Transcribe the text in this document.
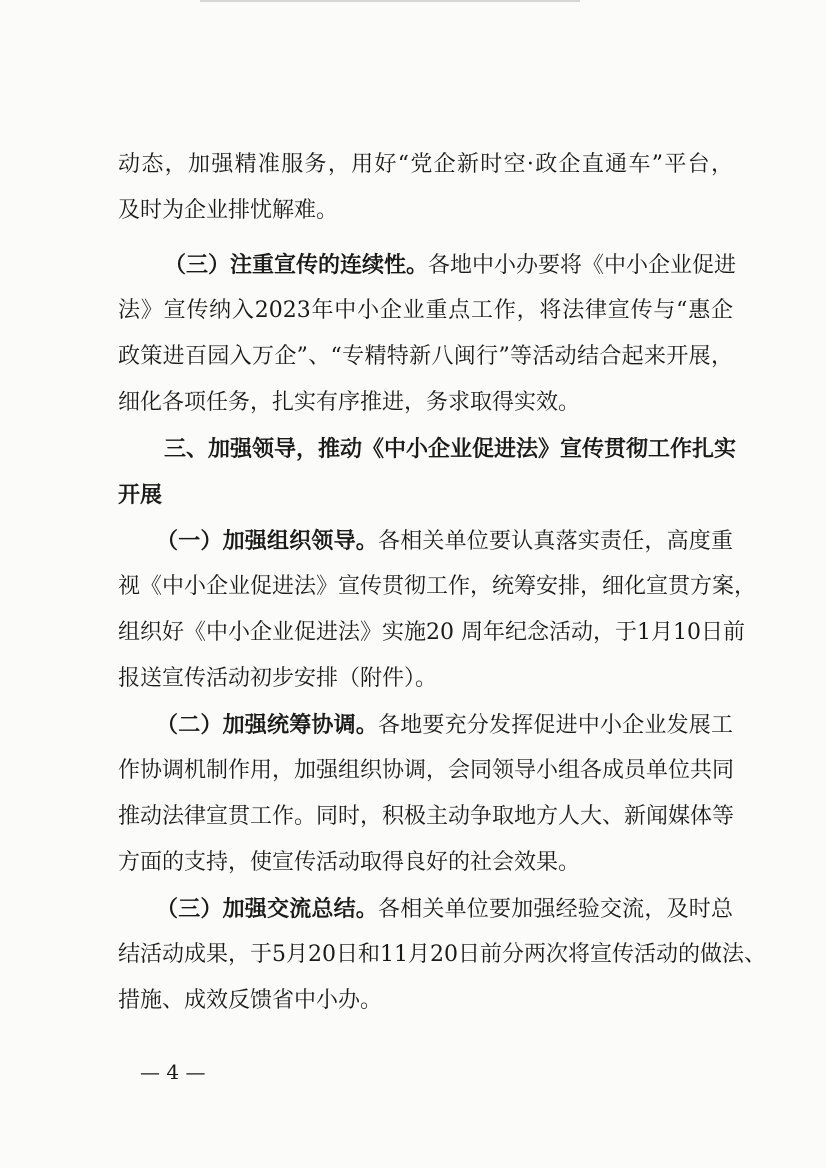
动态，加强精准服务，用好“党企新时空·政企直通车”平台，
及时为企业排忧解难。
（三）注重宣传的连续性。各地中小办要将《中小企业促进
法》宣传纳入2023年中小企业重点工作，将法律宣传与“惠企
政策进百园入万企”、“专精特新八闽行”等活动结合起来开展，
细化各项任务，扎实有序推进，务求取得实效。
三、加强领导，推动《中小企业促进法》宣传贯彻工作扎实
开展
（一）加强组织领导。各相关单位要认真落实责任，高度重
视《中小企业促进法》宣传贯彻工作，统筹安排，细化宣贯方案，
组织好《中小企业促进法》实施20 周年纪念活动，于1月10日前
报送宣传活动初步安排（附件）。
（二）加强统筹协调。各地要充分发挥促进中小企业发展工
作协调机制作用，加强组织协调，会同领导小组各成员单位共同
推动法律宣贯工作。同时，积极主动争取地方人大、新闻媒体等
方面的支持，使宣传活动取得良好的社会效果。
（三）加强交流总结。各相关单位要加强经验交流，及时总
结活动成果，于5月20日和11月20日前分两次将宣传活动的做法、
措施、成效反馈省中小办。
— 4 —
